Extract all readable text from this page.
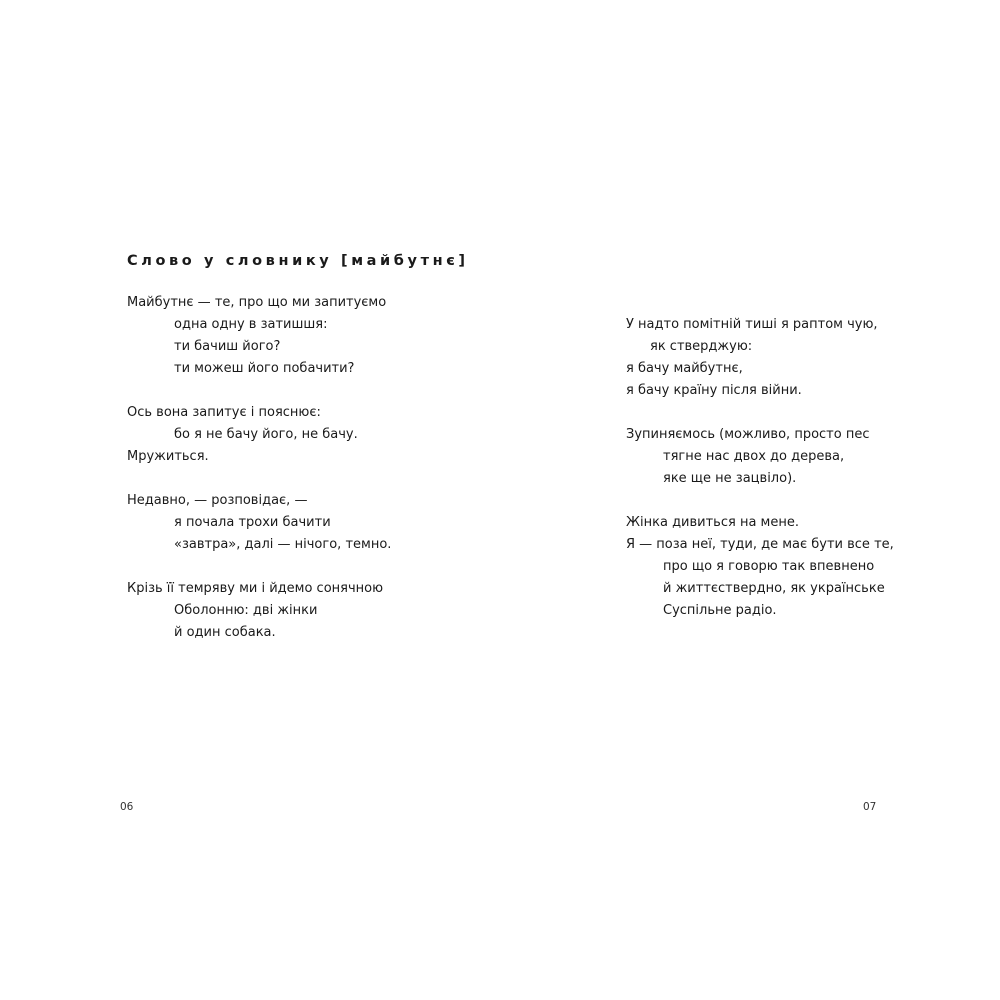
Слово у словнику [майбутнє]
Майбутнє — те, про що ми запитуємо
одна одну в затишшя:
ти бачиш його?
ти можеш його побачити?
Ось вона запитує і пояснює:
бо я не бачу його, не бачу.
Мружиться.
Недавно, — розповідає, —
я почала трохи бачити
«завтра», далі — нічого, темно.
Крізь її темряву ми і йдемо сонячною
Оболонню: дві жінки
й один собака.
06
У надто помітній тиші я раптом чую,
як стверджую:
я бачу майбутнє,
я бачу країну після війни.
Зупиняємось (можливо, просто пес
тягне нас двох до дерева,
яке ще не зацвіло).
Жінка дивиться на мене.
Я — поза неї, туди, де має бути все те,
про що я говорю так впевнено
й життєствердно, як українське
Суспільне радіо.
07
